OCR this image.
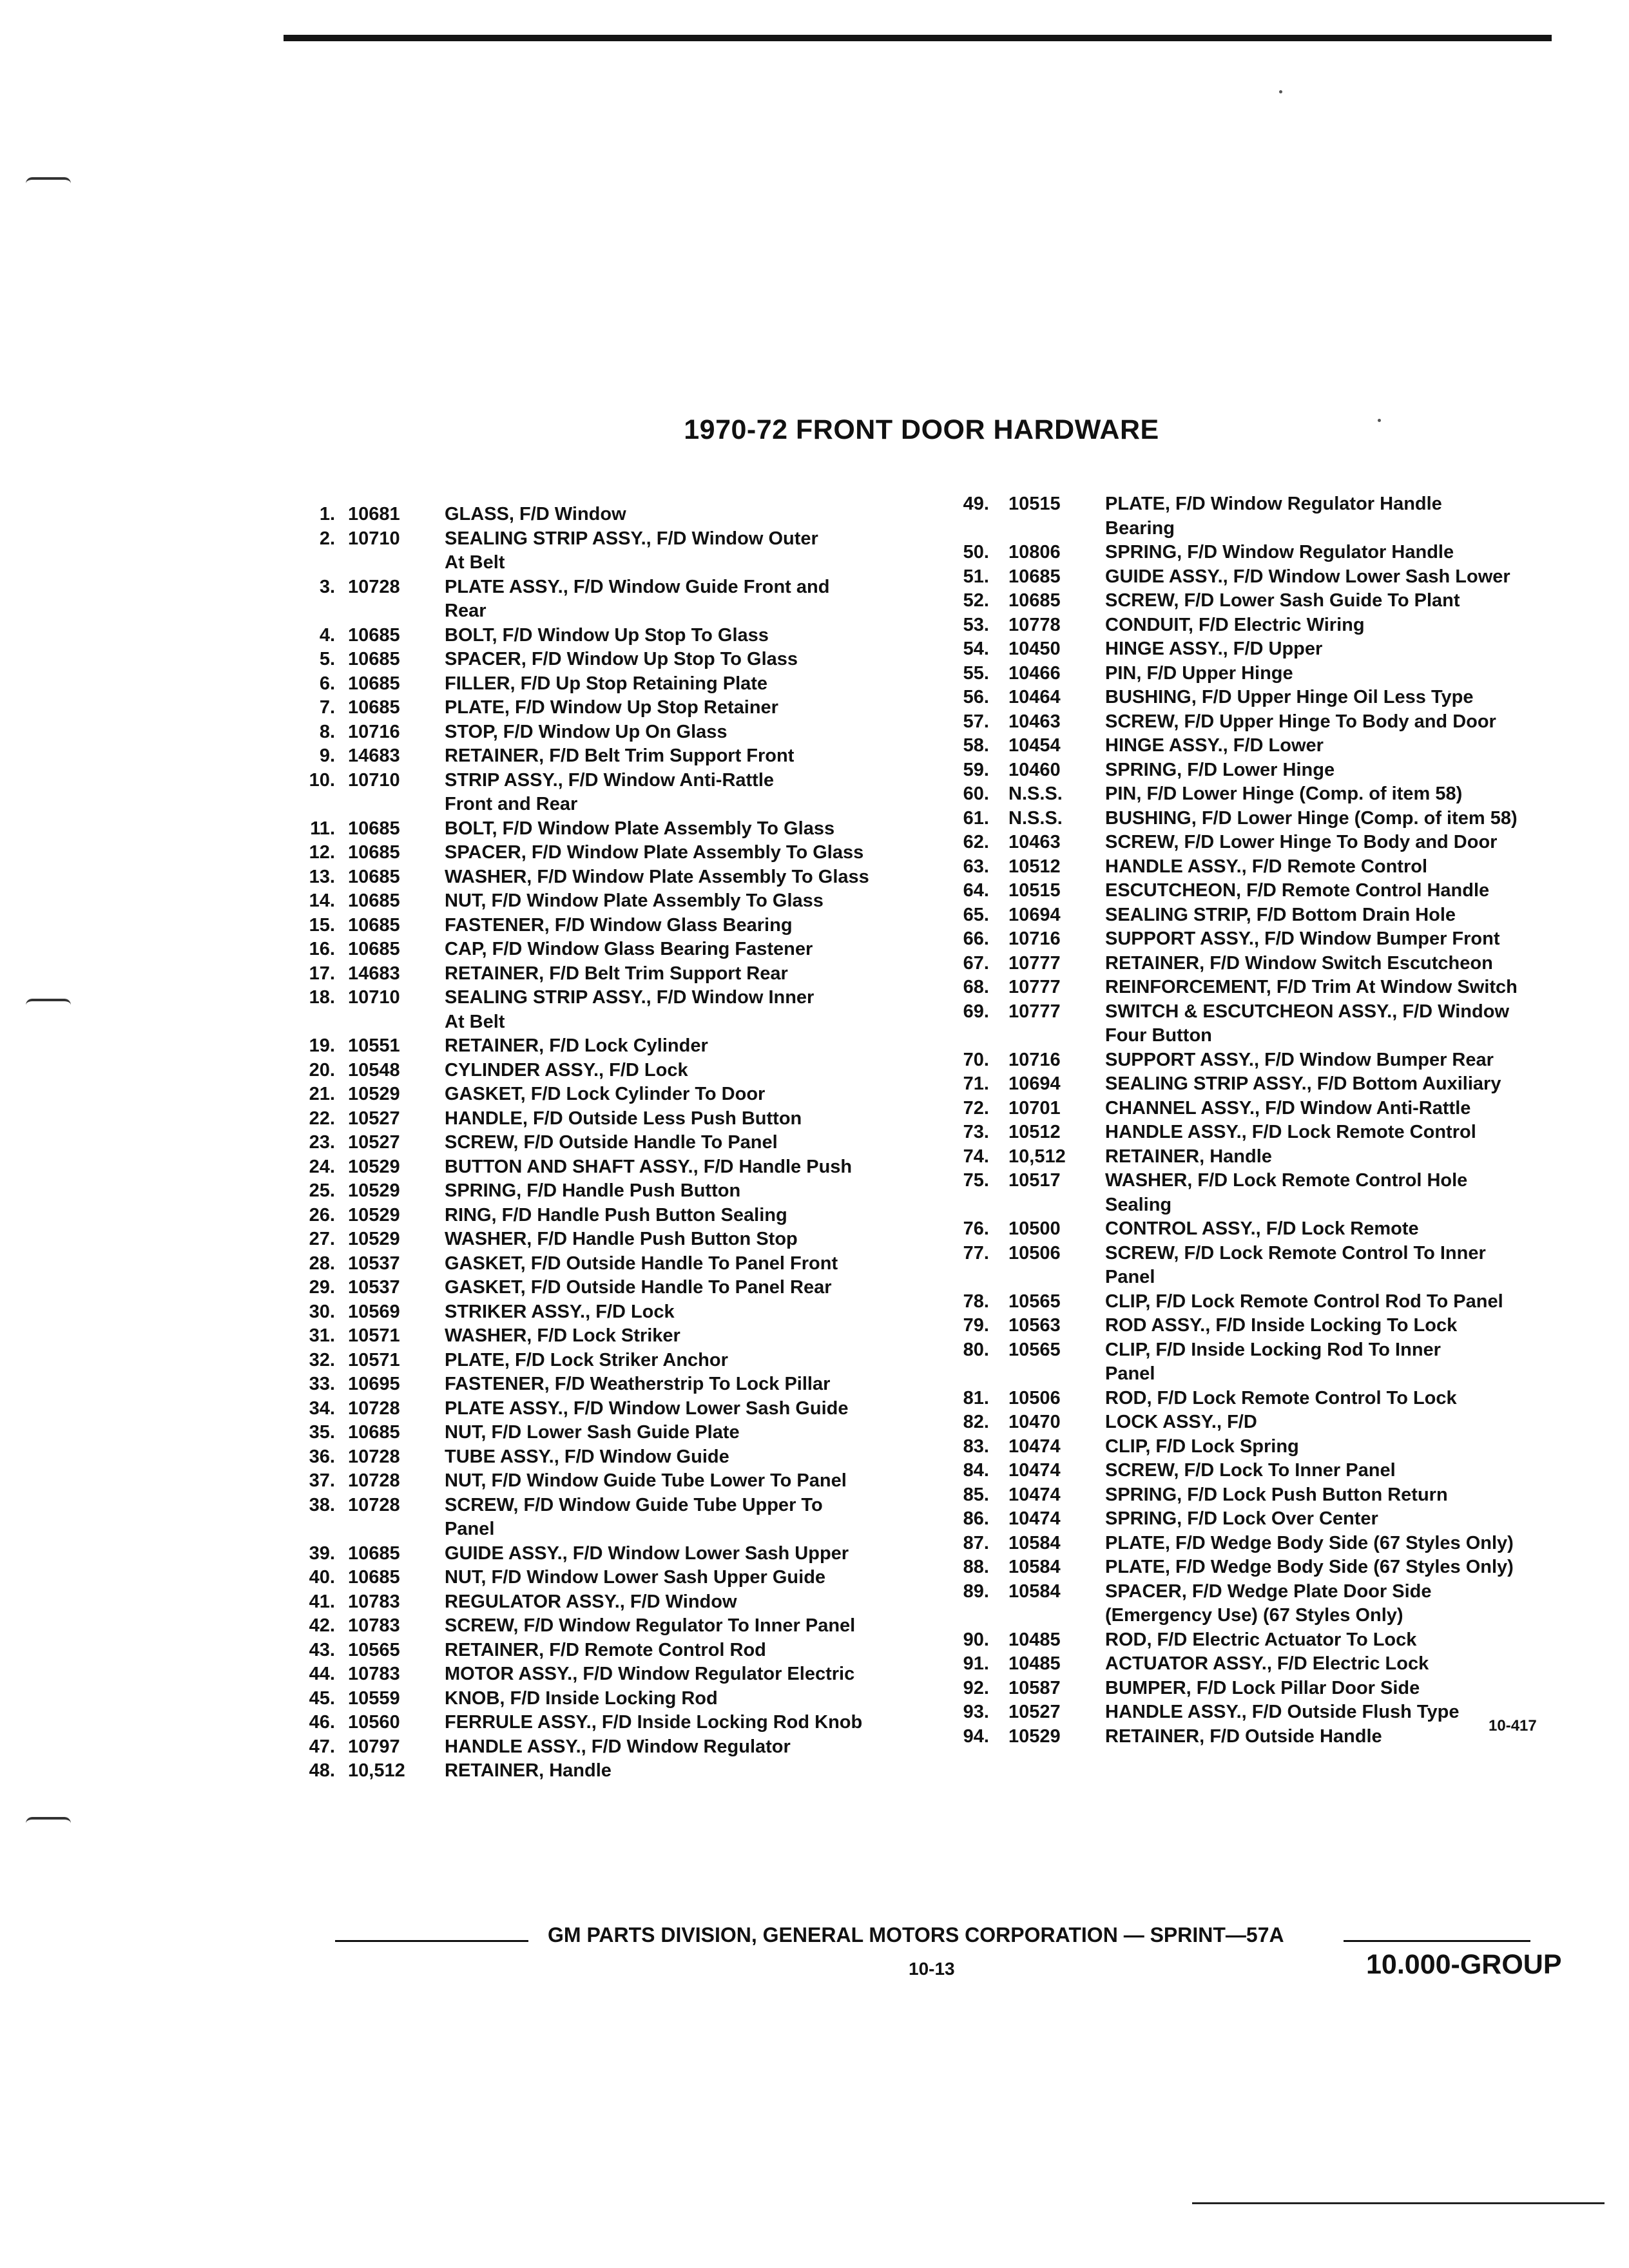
1970-72 FRONT DOOR HARDWARE
1. 10681	GLASS, F/D Window
2. 10710	SEALING STRIP ASSY., F/D Window Outer
At Belt
3. 10728	PLATE ASSY., F/D Window Guide Front and
Rear
4. 10685	BOLT, F/D Window Up Stop To Glass
5. 10685	SPACER, F/D Window Up Stop To Glass
6. 10685	FILLER, F/D Up Stop Retaining Plate
7. 10685	PLATE, F/D Window Up Stop Retainer
8. 10716	STOP, F/D Window Up On Glass
9. 14683	RETAINER, F/D Belt Trim Support Front
10. 10710	STRIP ASSY., F/D Window Anti-Rattle
Front and Rear
11. 10685	BOLT, F/D Window Plate Assembly To Glass
12. 10685	SPACER, F/D Window Plate Assembly To Glass
13. 10685	WASHER, F/D Window Plate Assembly To Glass
14. 10685	NUT, F/D Window Plate Assembly To Glass
15. 10685	FASTENER, F/D Window Glass Bearing
16. 10685	CAP, F/D Window Glass Bearing Fastener
17. 14683	RETAINER, F/D Belt Trim Support Rear
18. 10710	SEALING STRIP ASSY., F/D Window Inner
At Belt
19. 10551	RETAINER, F/D Lock Cylinder
20. 10548	CYLINDER ASSY., F/D Lock
21. 10529	GASKET, F/D Lock Cylinder To Door
22. 10527	HANDLE, F/D Outside Less Push Button
23. 10527	SCREW, F/D Outside Handle To Panel
24. 10529	BUTTON AND SHAFT ASSY., F/D Handle Push
25. 10529	SPRING, F/D Handle Push Button
26. 10529	RING, F/D Handle Push Button Sealing
27. 10529	WASHER, F/D Handle Push Button Stop
28. 10537	GASKET, F/D Outside Handle To Panel Front
29. 10537	GASKET, F/D Outside Handle To Panel Rear
30. 10569	STRIKER ASSY., F/D Lock
31. 10571	WASHER, F/D Lock Striker
32. 10571	PLATE, F/D Lock Striker Anchor
33. 10695	FASTENER, F/D Weatherstrip To Lock Pillar
34. 10728	PLATE ASSY., F/D Window Lower Sash Guide
35. 10685	NUT, F/D Lower Sash Guide Plate
36. 10728	TUBE ASSY., F/D Window Guide
37. 10728	NUT, F/D Window Guide Tube Lower To Panel
38. 10728	SCREW, F/D Window Guide Tube Upper To
Panel
39. 10685	GUIDE ASSY., F/D Window Lower Sash Upper
40. 10685	NUT, F/D Window Lower Sash Upper Guide
41. 10783	REGULATOR ASSY., F/D Window
42. 10783	SCREW, F/D Window Regulator To Inner Panel
43. 10565	RETAINER, F/D Remote Control Rod
44. 10783	MOTOR ASSY., F/D Window Regulator Electric
45. 10559	KNOB, F/D Inside Locking Rod
46. 10560	FERRULE ASSY., F/D Inside Locking Rod Knob
47. 10797	HANDLE ASSY., F/D Window Regulator
48. 10,512	RETAINER, Handle
49.	10515	PLATE, F/D Window Regulator Handle
Bearing
50.	10806	SPRING, F/D Window Regulator Handle
51.	10685	GUIDE ASSY., F/D Window Lower Sash Lower
52.	10685	SCREW, F/D Lower Sash Guide To Plant
53.	10778	CONDUIT, F/D Electric Wiring
54.	10450	HINGE ASSY., F/D Upper
55.	10466	PIN, F/D Upper Hinge
56.	10464	BUSHING, F/D Upper Hinge Oil Less Type
57.	10463	SCREW, F/D Upper Hinge To Body and Door
58.	10454	HINGE ASSY., F/D Lower
59.	10460	SPRING, F/D Lower Hinge
60.	N.S.S.	PIN, F/D Lower Hinge (Comp. of item 58)
61.	N.S.S.	BUSHING, F/D Lower Hinge (Comp. of item 58)
62.	10463	SCREW, F/D Lower Hinge To Body and Door
63.	10512	HANDLE ASSY., F/D Remote Control
64.	10515	ESCUTCHEON, F/D Remote Control Handle
65.	10694	SEALING STRIP, F/D Bottom Drain Hole
66.	10716	SUPPORT ASSY., F/D Window Bumper Front
67.	10777	RETAINER, F/D Window Switch Escutcheon
68.	10777	REINFORCEMENT, F/D Trim At Window Switch
69.	10777	SWITCH & ESCUTCHEON ASSY., F/D Window
Four Button
70.	10716	SUPPORT ASSY., F/D Window Bumper Rear
71.	10694	SEALING STRIP ASSY., F/D Bottom Auxiliary
72.	10701	CHANNEL ASSY., F/D Window Anti-Rattle
73.	10512	HANDLE ASSY., F/D Lock Remote Control
74.	10,512	RETAINER, Handle
75.	10517	WASHER, F/D Lock Remote Control Hole
Sealing
76.	10500	CONTROL ASSY., F/D Lock Remote
77.	10506	SCREW, F/D Lock Remote Control To Inner
Panel
78.	10565	CLIP, F/D Lock Remote Control Rod To Panel
79.	10563	ROD ASSY., F/D Inside Locking To Lock
80.	10565	CLIP, F/D Inside Locking Rod To Inner
Panel
81.	10506	ROD, F/D Lock Remote Control To Lock
82.	10470	LOCK ASSY., F/D
83.	10474	CLIP, F/D Lock Spring
84.	10474	SCREW, F/D Lock To Inner Panel
85.	10474	SPRING, F/D Lock Push Button Return
86.	10474	SPRING, F/D Lock Over Center
87.	10584	PLATE, F/D Wedge Body Side (67 Styles Only)
88.	10584	PLATE, F/D Wedge Body Side (67 Styles Only)
89.	10584	SPACER, F/D Wedge Plate Door Side
(Emergency Use) (67 Styles Only)
90.	10485	ROD, F/D Electric Actuator To Lock
91.	10485	ACTUATOR ASSY., F/D Electric Lock
92.	10587	BUMPER, F/D Lock Pillar Door Side
93.	10527	HANDLE ASSY., F/D Outside Flush Type
94.	10529	RETAINER, F/D Outside Handle	10-417
GM PARTS DIVISION, GENERAL MOTORS CORPORATION — SPRINT—57A
10-13	10.000-GROUP
